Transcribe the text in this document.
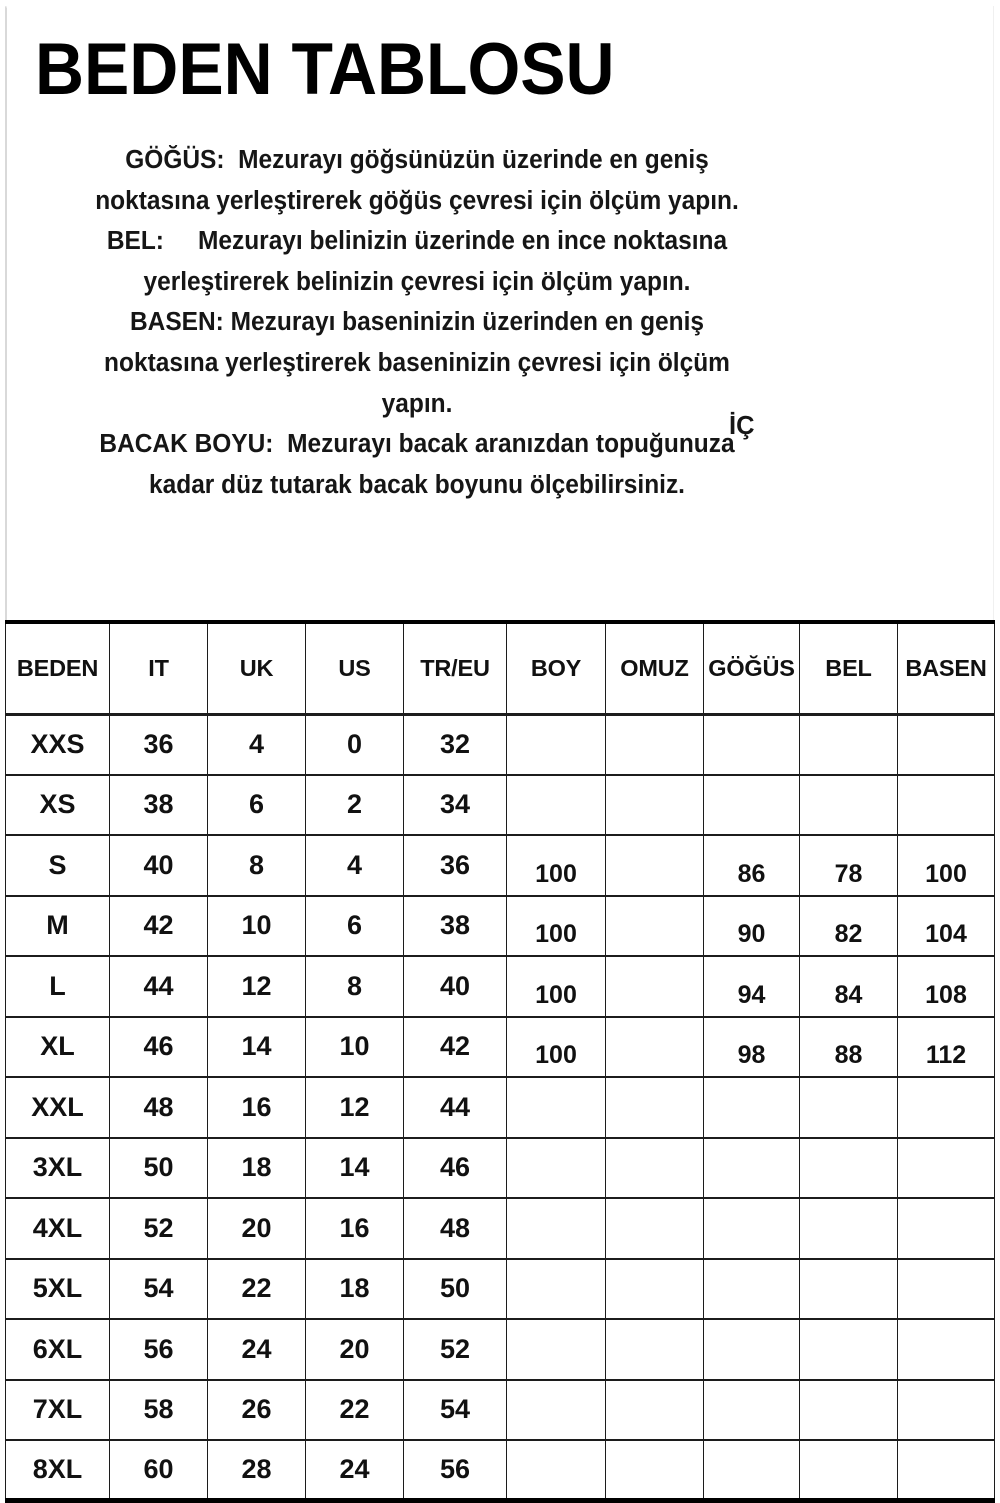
BEDEN TABLOSU
GÖĞÜS:  Mezurayı göğsünüzün üzerinde en geniş
noktasına yerleştirerek göğüs çevresi için ölçüm yapın.
BEL:     Mezurayı belinizin üzerinde en ince noktasına
yerleştirerek belinizin çevresi için ölçüm yapın.
BASEN: Mezurayı baseninizin üzerinden en geniş
noktasına yerleştirerek baseninizin çevresi için ölçüm
yapın.
BACAK BOYU:  Mezurayı bacak aranızdan topuğunuza
kadar düz tutarak bacak boyunu ölçebilirsiniz.
İÇ
BEDEN	IT	UK	US	TR/EU	BOY	OMUZ	GÖĞÜS	BEL	BASEN
XXS	36	4	0	32					
XS	38	6	2	34					
S	40	8	4	36	100		86	78	100
M	42	10	6	38	100		90	82	104
L	44	12	8	40	100		94	84	108
XL	46	14	10	42	100		98	88	112
XXL	48	16	12	44					
3XL	50	18	14	46					
4XL	52	20	16	48					
5XL	54	22	18	50					
6XL	56	24	20	52					
7XL	58	26	22	54					
8XL	60	28	24	56					
